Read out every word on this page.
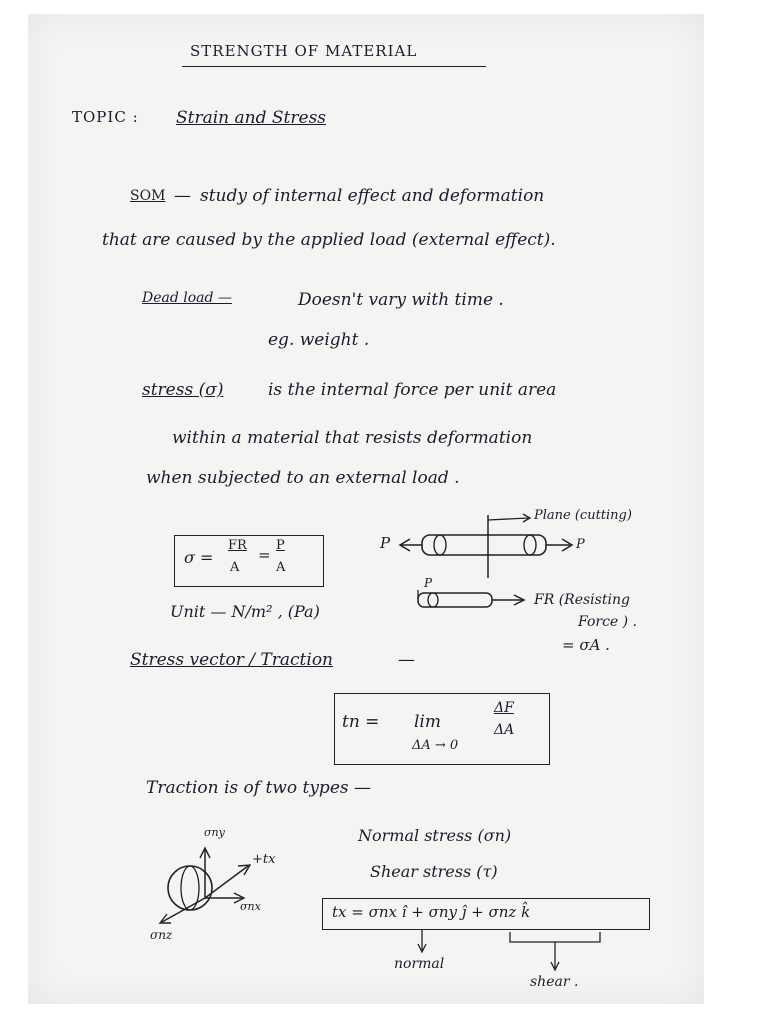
STRENGTH OF MATERIAL
TOPIC : Strain and Stress
SOM — study of internal effect and deformation
that are caused by the applied load (external effect).
Dead load —	Doesn't vary with time .
eg. weight .
stress (σ)	is the internal force per unit area
within a material that resists deformation
when subjected to an external load .
σ =
FR
A
=
P
A
Unit — N/m² , (Pa)
Plane (cutting)
P	P
P
FR (Resisting
Force ) .
= σA .
Stress vector / Traction	—
tn = lim
ΔA → 0
ΔF
ΔA
Traction is of two types —
Normal stress (σn)
Shear stress (τ)
σny
+tx
σnx
σnz
tx = σnx î + σny ĵ + σnz k̂
normal
shear .
